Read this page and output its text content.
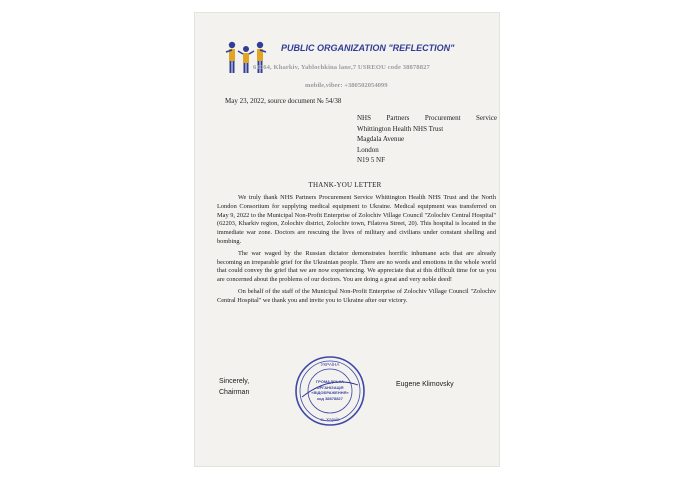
PUBLIC ORGANIZATION "REFLECTION"
61064, Kharkiv, Yablochkina lane,7 USREOU code 38878827
mobile,viber: +380502054099
May 23, 2022, source document № 54/38
NHS Partners Procurement Service
Whittington Health NHS Trust
Magdala Avenue
London
N19 5 NF
THANK-YOU LETTER

We truly thank NHS Partners Procurement Service Whittington Health NHS Trust and the North London Consortium for supplying medical equipment to Ukraine. Medical equipment was transferred on May 9, 2022 to the Municipal Non-Profit Enterprise of Zolochiv Village Council "Zolochiv Central Hospital" (62203, Kharkiv region, Zolochiv district, Zolochiv town, Filatova Street, 20). This hospital is located in the immediate war zone. Doctors are rescuing the lives of military and civilians under constant shelling and bombing.

The war waged by the Russian dictator demonstrates horrific inhumane acts that are already becoming an irreparable grief for the Ukrainian people. There are no words and emotions in the whole world that could convey the grief that we are now experiencing. We appreciate that at this difficult time for us you are concerned about the problems of our doctors. You are doing a great and very noble deed!

On behalf of the staff of the Municipal Non-Profit Enterprise of Zolochiv Village Council "Zolochiv Central Hospital" we thank you and invite you to Ukraine after our victory.

Sincerely,
Chairman
УКРАЇНА
м. Харків
ГРОМАДСЬКА
ОРГАНІЗАЦІЯ
«ВІДОБРАЖЕННЯ»
код 38878827
Eugene Klimovsky
